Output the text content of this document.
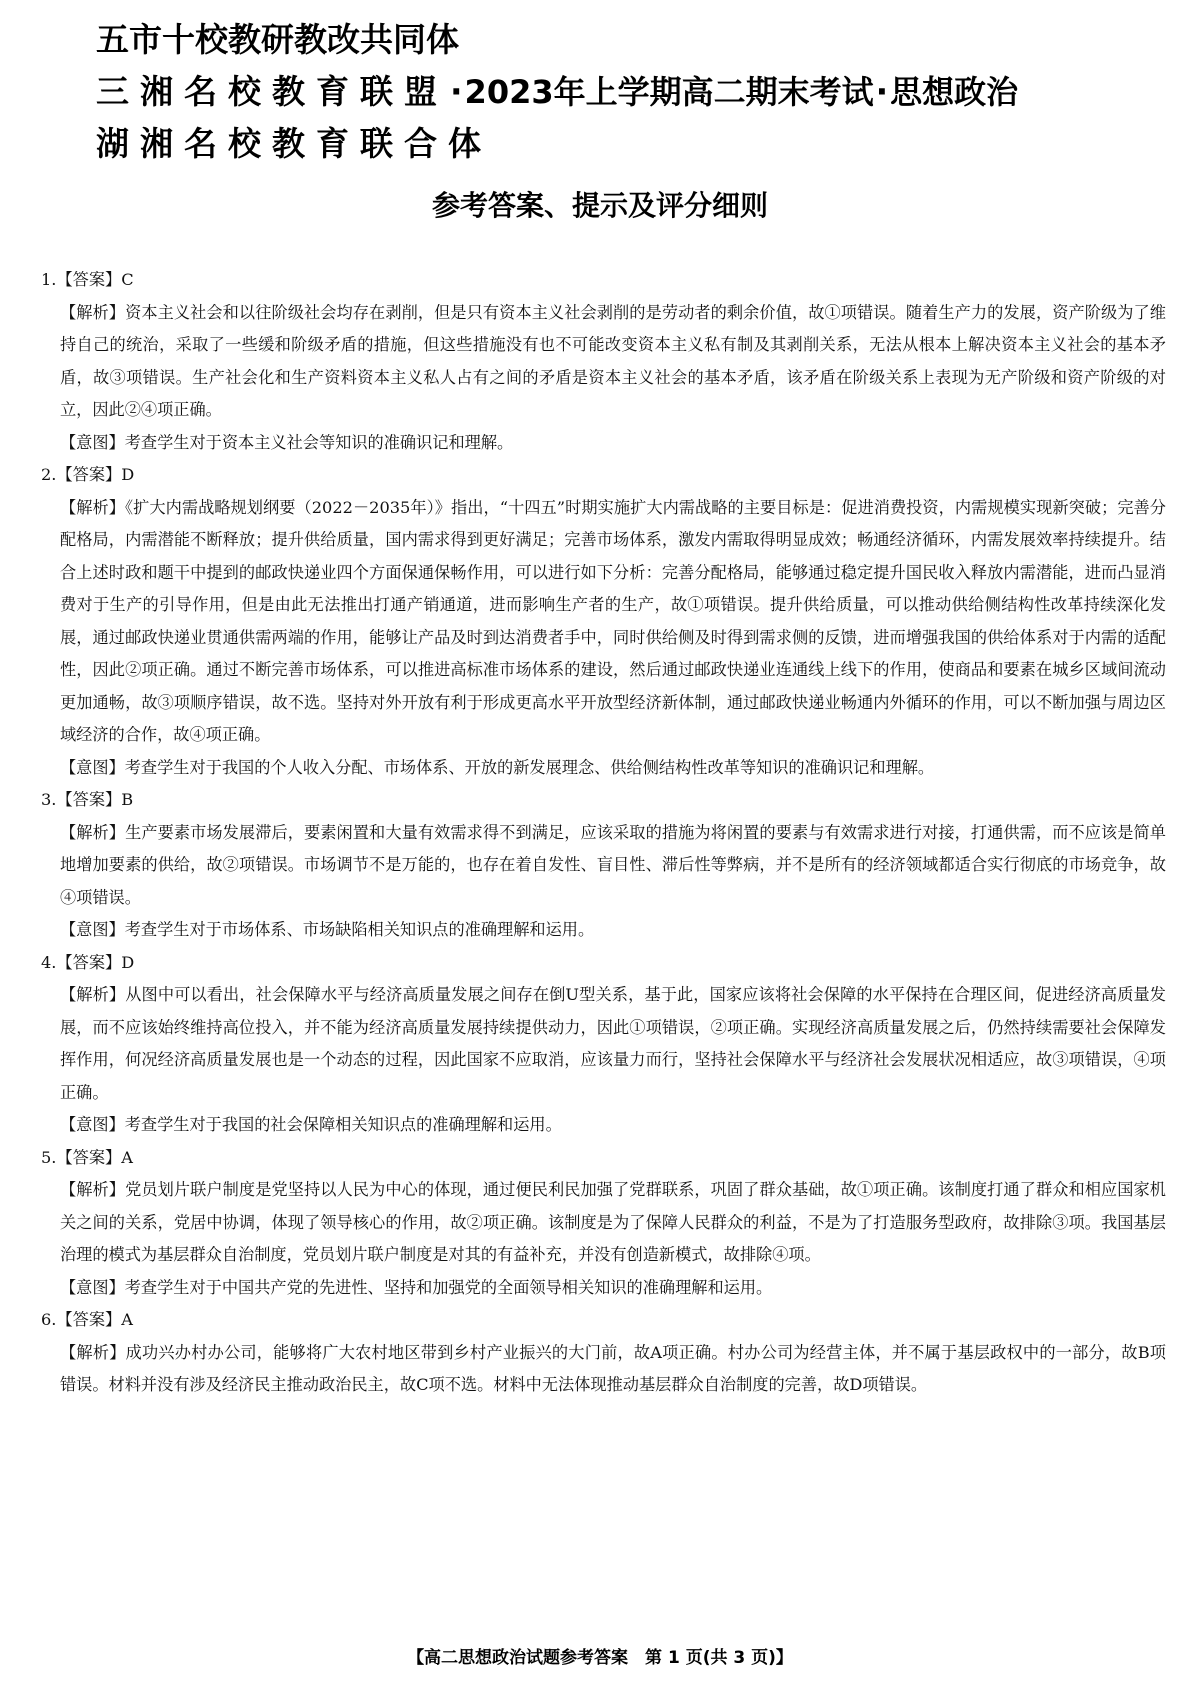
五市十校教研教改共同体
三湘名校教育联盟·2023年上学期高二期末考试·思想政治
湖湘名校教育联合体
参考答案、提示及评分细则

1.【答案】C

【解析】资本主义社会和以往阶级社会均存在剥削，但是只有资本主义社会剥削的是劳动者的剩余价值，故①项错误。随着生产力的发展，资产阶级为了维持自己的统治，采取了一些缓和阶级矛盾的措施，但这些措施没有也不可能改变资本主义私有制及其剥削关系，无法从根本上解决资本主义社会的基本矛盾，故③项错误。生产社会化和生产资料资本主义私人占有之间的矛盾是资本主义社会的基本矛盾，该矛盾在阶级关系上表现为无产阶级和资产阶级的对立，因此②④项正确。

【意图】考查学生对于资本主义社会等知识的准确识记和理解。

2.【答案】D

【解析】《扩大内需战略规划纲要（2022－2035年）》指出，“十四五”时期实施扩大内需战略的主要目标是：促进消费投资，内需规模实现新突破；完善分配格局，内需潜能不断释放；提升供给质量，国内需求得到更好满足；完善市场体系，激发内需取得明显成效；畅通经济循环，内需发展效率持续提升。结合上述时政和题干中提到的邮政快递业四个方面保通保畅作用，可以进行如下分析：完善分配格局，能够通过稳定提升国民收入释放内需潜能，进而凸显消费对于生产的引导作用，但是由此无法推出打通产销通道，进而影响生产者的生产，故①项错误。提升供给质量，可以推动供给侧结构性改革持续深化发展，通过邮政快递业贯通供需两端的作用，能够让产品及时到达消费者手中，同时供给侧及时得到需求侧的反馈，进而增强我国的供给体系对于内需的适配性，因此②项正确。通过不断完善市场体系，可以推进高标准市场体系的建设，然后通过邮政快递业连通线上线下的作用，使商品和要素在城乡区域间流动更加通畅，故③项顺序错误，故不选。坚持对外开放有利于形成更高水平开放型经济新体制，通过邮政快递业畅通内外循环的作用，可以不断加强与周边区域经济的合作，故④项正确。

【意图】考查学生对于我国的个人收入分配、市场体系、开放的新发展理念、供给侧结构性改革等知识的准确识记和理解。

3.【答案】B

【解析】生产要素市场发展滞后，要素闲置和大量有效需求得不到满足，应该采取的措施为将闲置的要素与有效需求进行对接，打通供需，而不应该是简单地增加要素的供给，故②项错误。市场调节不是万能的，也存在着自发性、盲目性、滞后性等弊病，并不是所有的经济领域都适合实行彻底的市场竞争，故④项错误。

【意图】考查学生对于市场体系、市场缺陷相关知识点的准确理解和运用。

4.【答案】D

【解析】从图中可以看出，社会保障水平与经济高质量发展之间存在倒U型关系，基于此，国家应该将社会保障的水平保持在合理区间，促进经济高质量发展，而不应该始终维持高位投入，并不能为经济高质量发展持续提供动力，因此①项错误，②项正确。实现经济高质量发展之后，仍然持续需要社会保障发挥作用，何况经济高质量发展也是一个动态的过程，因此国家不应取消，应该量力而行，坚持社会保障水平与经济社会发展状况相适应，故③项错误，④项正确。

【意图】考查学生对于我国的社会保障相关知识点的准确理解和运用。

5.【答案】A

【解析】党员划片联户制度是党坚持以人民为中心的体现，通过便民利民加强了党群联系，巩固了群众基础，故①项正确。该制度打通了群众和相应国家机关之间的关系，党居中协调，体现了领导核心的作用，故②项正确。该制度是为了保障人民群众的利益，不是为了打造服务型政府，故排除③项。我国基层治理的模式为基层群众自治制度，党员划片联户制度是对其的有益补充，并没有创造新模式，故排除④项。

【意图】考查学生对于中国共产党的先进性、坚持和加强党的全面领导相关知识的准确理解和运用。

6.【答案】A

【解析】成功兴办村办公司，能够将广大农村地区带到乡村产业振兴的大门前，故A项正确。村办公司为经营主体，并不属于基层政权中的一部分，故B项错误。材料并没有涉及经济民主推动政治民主，故C项不选。材料中无法体现推动基层群众自治制度的完善，故D项错误。

【高二思想政治试题参考答案　第 1 页(共 3 页)】
